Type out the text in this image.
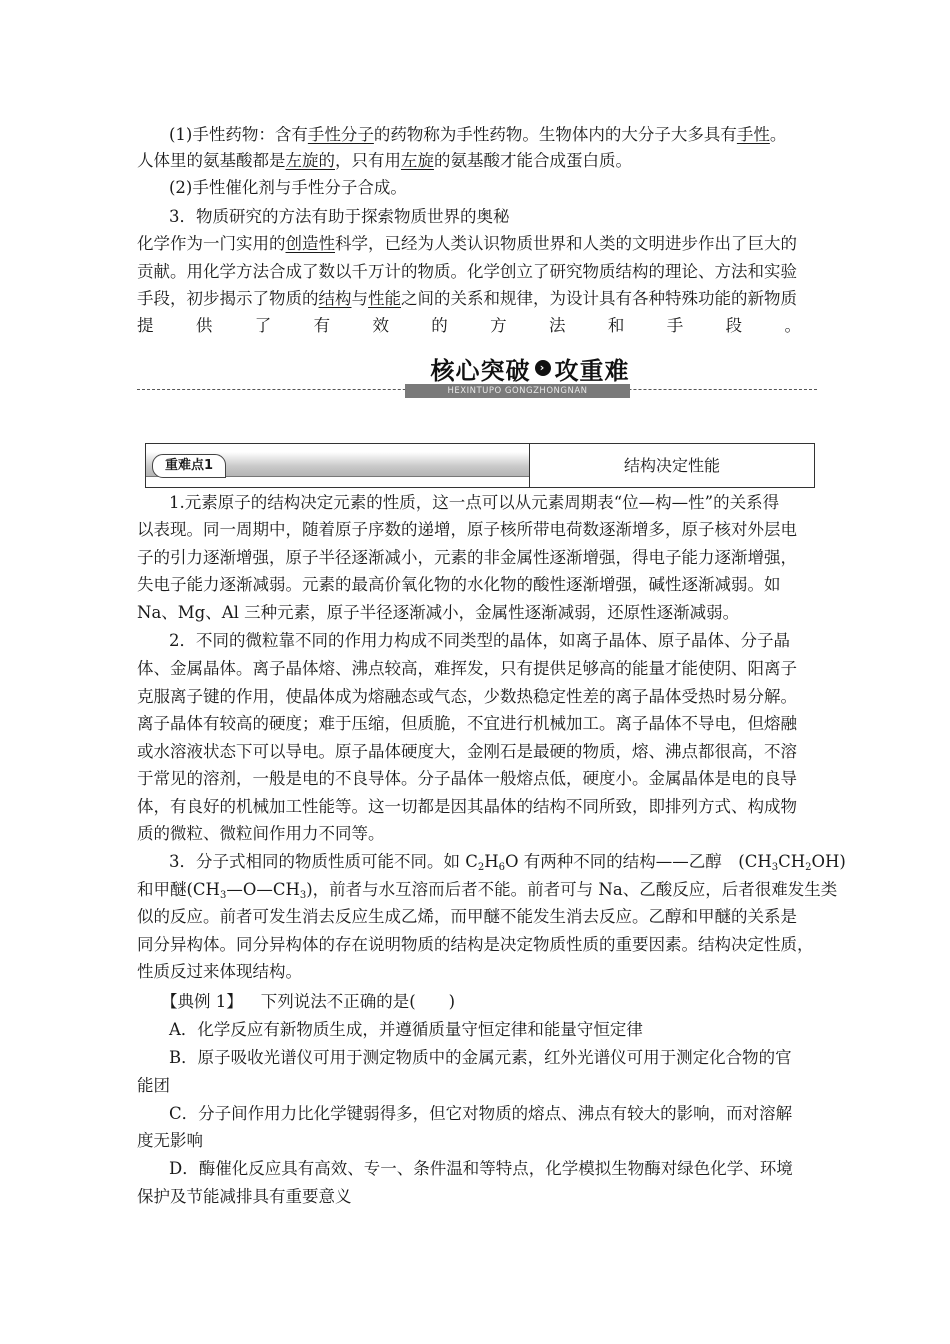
(1)手性药物：含有手性分子的药物称为手性药物。生物体内的大分子大多具有手性。
人体里的氨基酸都是左旋的，只有用左旋的氨基酸才能合成蛋白质。
(2)手性催化剂与手性分子合成。
3．物质研究的方法有助于探索物质世界的奥秘
化学作为一门实用的创造性科学，已经为人类认识物质世界和人类的文明进步作出了巨大的
贡献。用化学方法合成了数以千万计的物质。化学创立了研究物质结构的理论、方法和实验
手段，初步揭示了物质的结构与性能之间的关系和规律，为设计具有各种特殊功能的新物质
提	供	了	有	效	的	方	法	和	手	段	。
核心突破 › 攻重难
HEXINTUPO GONGZHONGNAN
重难点1	结构决定性能
1.元素原子的结构决定元素的性质，这一点可以从元素周期表“位—构—性”的关系得
以表现。同一周期中，随着原子序数的递增，原子核所带电荷数逐渐增多，原子核对外层电
子的引力逐渐增强，原子半径逐渐减小，元素的非金属性逐渐增强，得电子能力逐渐增强，
失电子能力逐渐减弱。元素的最高价氧化物的水化物的酸性逐渐增强，碱性逐渐减弱。如
Na、Mg、Al 三种元素，原子半径逐渐减小，金属性逐渐减弱，还原性逐渐减弱。
2．不同的微粒靠不同的作用力构成不同类型的晶体，如离子晶体、原子晶体、分子晶
体、金属晶体。离子晶体熔、沸点较高，难挥发，只有提供足够高的能量才能使阴、阳离子
克服离子键的作用，使晶体成为熔融态或气态，少数热稳定性差的离子晶体受热时易分解。
离子晶体有较高的硬度；难于压缩，但质脆，不宜进行机械加工。离子晶体不导电，但熔融
或水溶液状态下可以导电。原子晶体硬度大，金刚石是最硬的物质，熔、沸点都很高，不溶
于常见的溶剂，一般是电的不良导体。分子晶体一般熔点低，硬度小。金属晶体是电的良导
体，有良好的机械加工性能等。这一切都是因其晶体的结构不同所致，即排列方式、构成物
质的微粒、微粒间作用力不同等。
3．分子式相同的物质性质可能不同。如 $C_2H_6O$ 有两种不同的结构——乙醇　$(CH_3CH_2OH)$
和甲醚$(CH_3—O—CH_3)$，前者与水互溶而后者不能。前者可与 Na、乙酸反应，后者很难发生类
似的反应。前者可发生消去反应生成乙烯，而甲醚不能发生消去反应。乙醇和甲醚的关系是
同分异构体。同分异构体的存在说明物质的结构是决定物质性质的重要因素。结构决定性质，
性质反过来体现结构。
【典例 1】 下列说法不正确的是(　　)
A．化学反应有新物质生成，并遵循质量守恒定律和能量守恒定律
B．原子吸收光谱仪可用于测定物质中的金属元素，红外光谱仪可用于测定化合物的官
能团
C．分子间作用力比化学键弱得多，但它对物质的熔点、沸点有较大的影响，而对溶解
度无影响
D．酶催化反应具有高效、专一、条件温和等特点，化学模拟生物酶对绿色化学、环境
保护及节能减排具有重要意义
